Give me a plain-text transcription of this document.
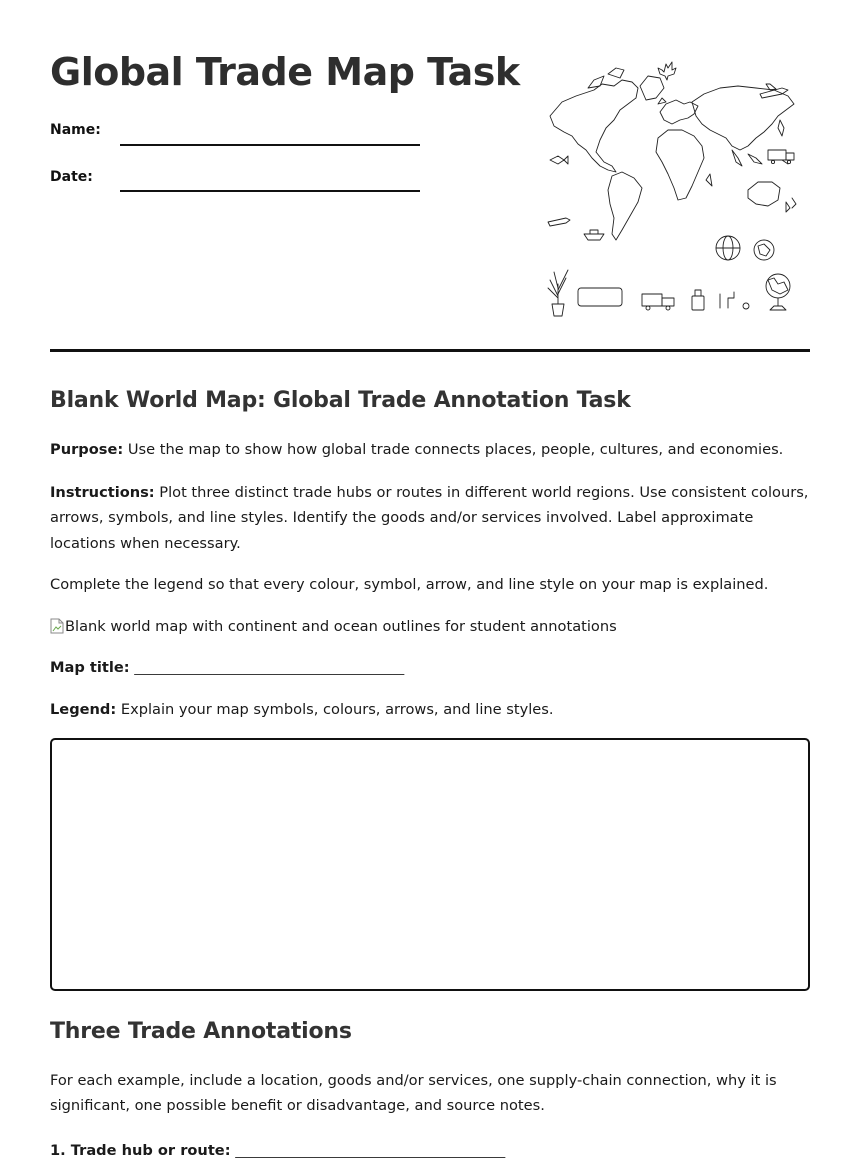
Global Trade Map Task
Name:
Date:
Blank World Map: Global Trade Annotation Task

Purpose: Use the map to show how global trade connects places, people, cultures, and economies.

Instructions: Plot three distinct trade hubs or routes in different world regions. Use consistent colours, arrows, symbols, and line styles. Identify the goods and/or services involved. Label approximate locations when necessary.

Complete the legend so that every colour, symbol, arrow, and line style on your map is explained.

Blank world map with continent and ocean outlines for student annotations

Map title: _____________________________________________

Legend: Explain your map symbols, colours, arrows, and line styles.

Three Trade Annotations

For each example, include a location, goods and/or services, one supply-chain connection, why it is significant, one possible benefit or disadvantage, and source notes.

1. Trade hub or route: _____________________________________________
